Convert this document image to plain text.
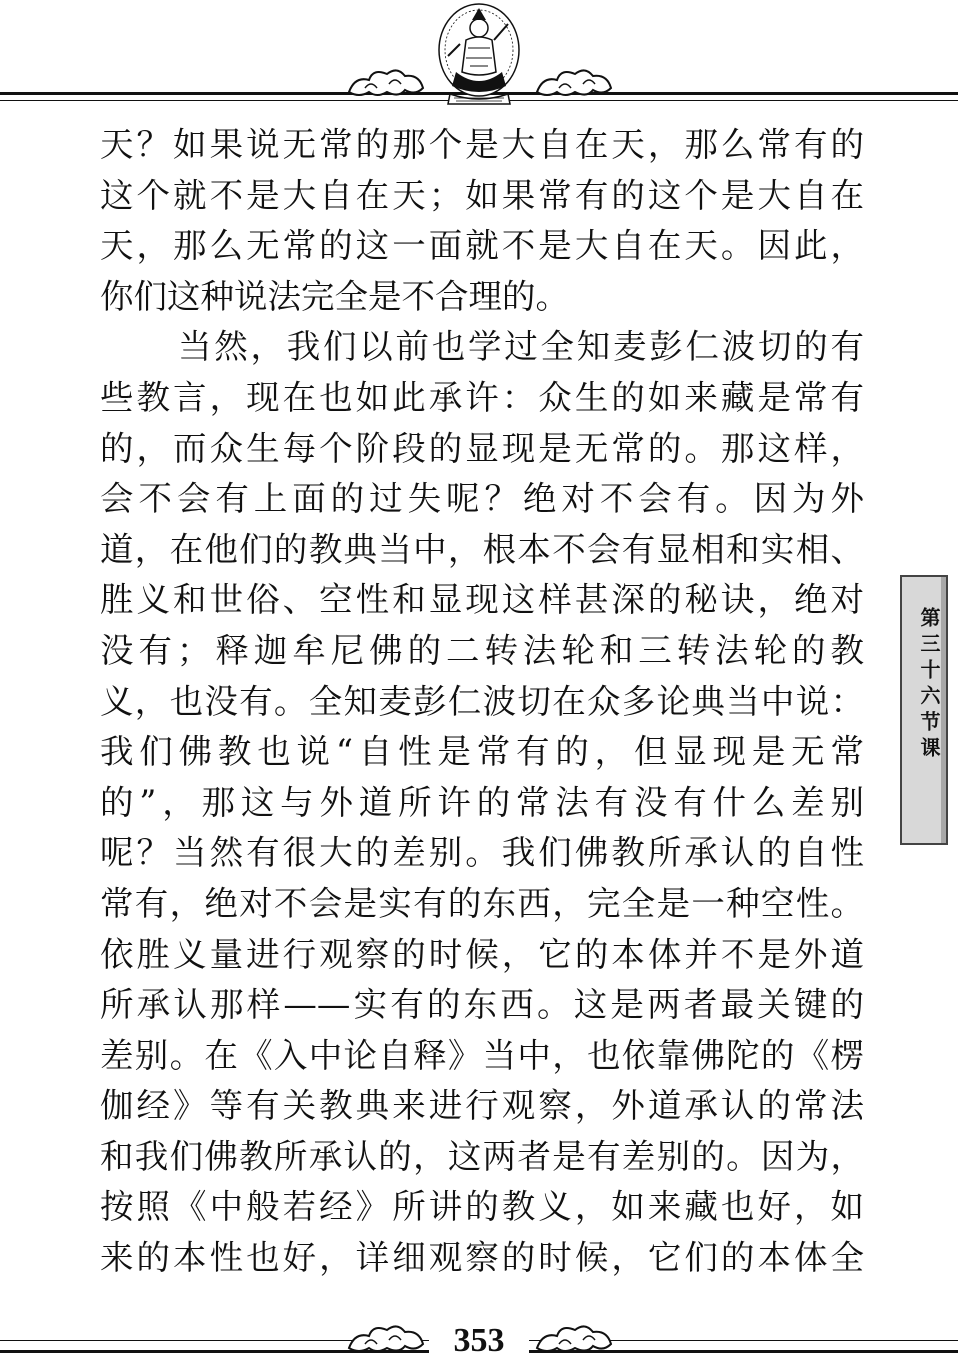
天？如果说无常的那个是大自在天，那么常有的
这个就不是大自在天；如果常有的这个是大自在
天，那么无常的这一面就不是大自在天。因此，
你们这种说法完全是不合理的。
当然，我们以前也学过全知麦彭仁波切的有
些教言，现在也如此承许：众生的如来藏是常有
的，而众生每个阶段的显现是无常的。那这样，
会不会有上面的过失呢？绝对不会有。因为外
道，在他们的教典当中，根本不会有显相和实相、
胜义和世俗、空性和显现这样甚深的秘诀，绝对
没有；释迦牟尼佛的二转法轮和三转法轮的教
义，也没有。全知麦彭仁波切在众多论典当中说：
我们佛教也说“自性是常有的，但显现是无常
的”，那这与外道所许的常法有没有什么差别
呢？当然有很大的差别。我们佛教所承认的自性
常有，绝对不会是实有的东西，完全是一种空性。
依胜义量进行观察的时候，它的本体并不是外道
所承认那样——实有的东西。这是两者最关键的
差别。在《入中论自释》当中，也依靠佛陀的《楞
伽经》等有关教典来进行观察，外道承认的常法
和我们佛教所承认的，这两者是有差别的。因为，
按照《中般若经》所讲的教义，如来藏也好，如
来的本性也好，详细观察的时候，它们的本体全
第三十六节课
353
